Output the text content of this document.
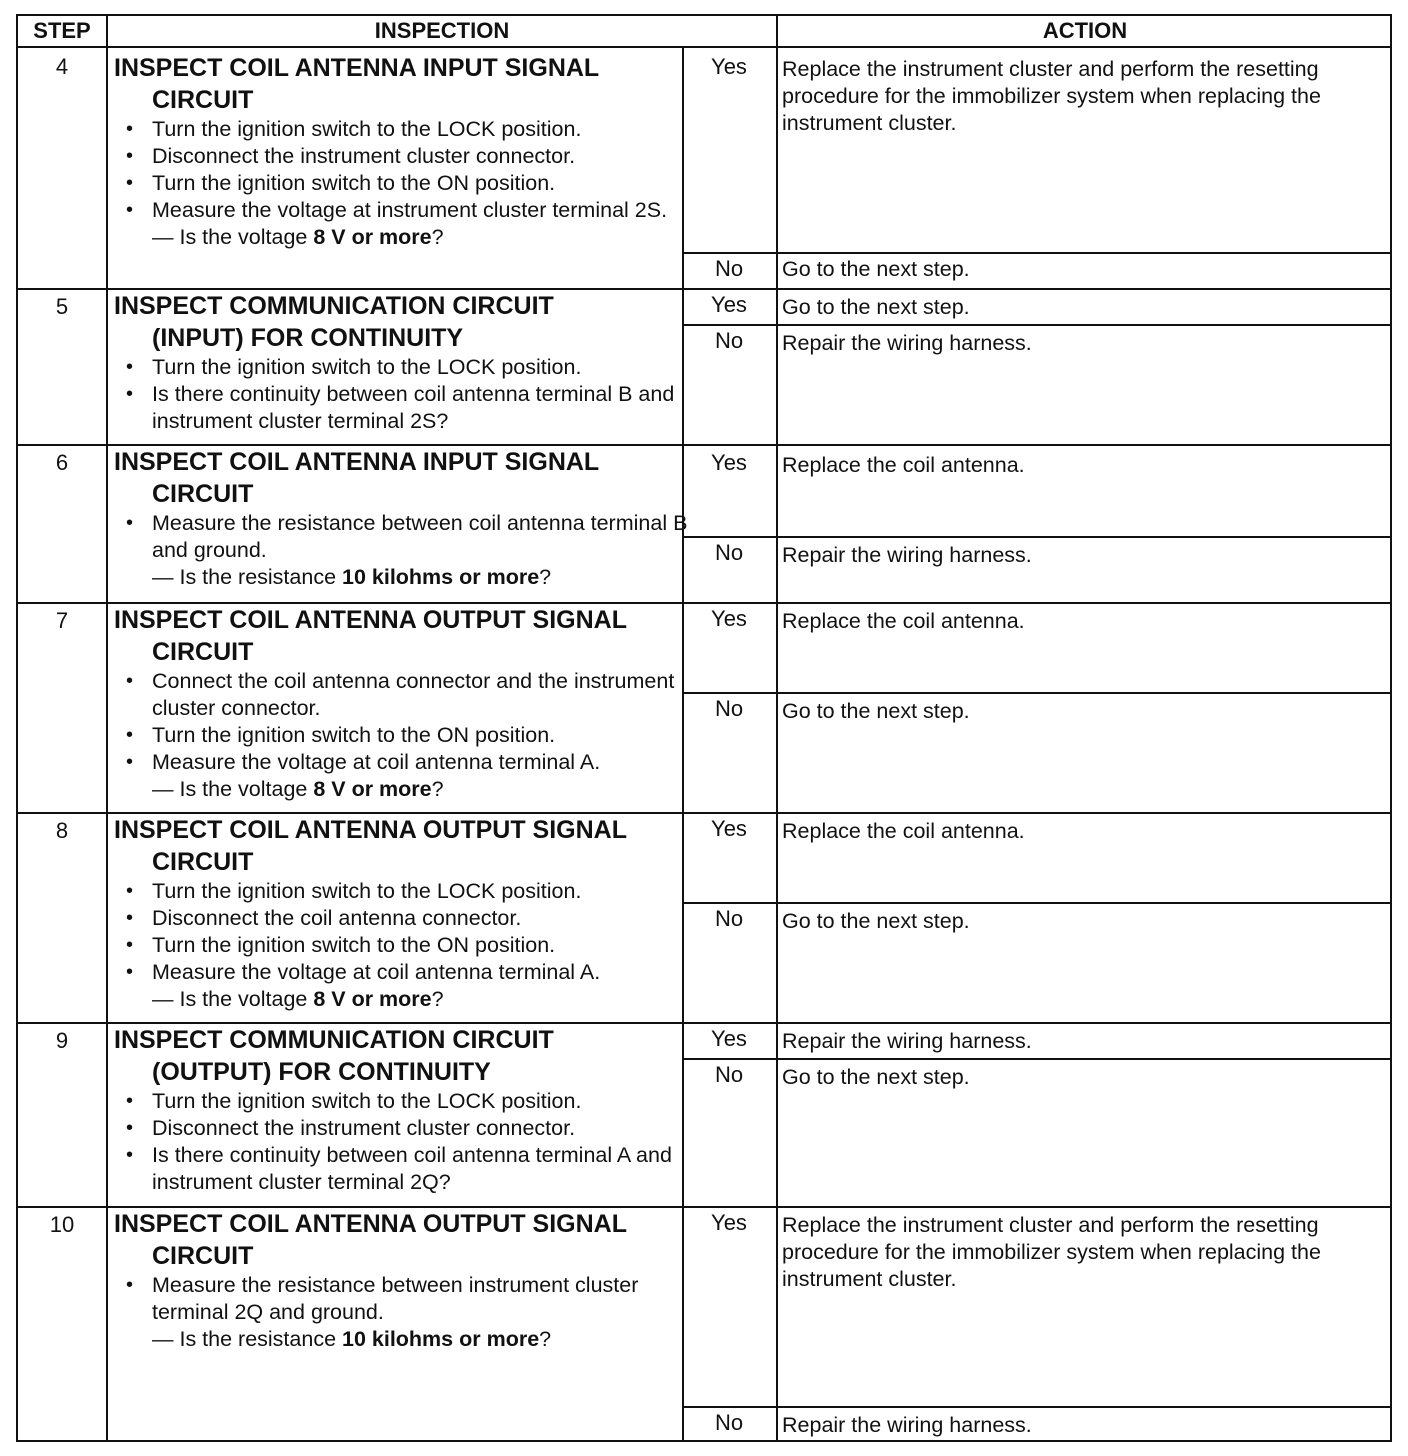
STEP	INSPECTION	ACTION
4	INSPECT COIL ANTENNA INPUT SIGNAL
CIRCUIT
• Turn the ignition switch to the LOCK position.
• Disconnect the instrument cluster connector.
• Turn the ignition switch to the ON position.
• Measure the voltage at instrument cluster terminal 2S.
— Is the voltage 8 V or more?
Yes	Replace the instrument cluster and perform the resetting procedure for the immobilizer system when replacing the instrument cluster.
No	Go to the next step.
5	INSPECT COMMUNICATION CIRCUIT
(INPUT) FOR CONTINUITY
• Turn the ignition switch to the LOCK position.
• Is there continuity between coil antenna terminal B and instrument cluster terminal 2S?
Yes	Go to the next step.
No	Repair the wiring harness.
6	INSPECT COIL ANTENNA INPUT SIGNAL
CIRCUIT
• Measure the resistance between coil antenna terminal B and ground.
— Is the resistance 10 kilohms or more?
Yes	Replace the coil antenna.
No	Repair the wiring harness.
7	INSPECT COIL ANTENNA OUTPUT SIGNAL
CIRCUIT
• Connect the coil antenna connector and the instrument cluster connector.
• Turn the ignition switch to the ON position.
• Measure the voltage at coil antenna terminal A.
— Is the voltage 8 V or more?
Yes	Replace the coil antenna.
No	Go to the next step.
8	INSPECT COIL ANTENNA OUTPUT SIGNAL
CIRCUIT
• Turn the ignition switch to the LOCK position.
• Disconnect the coil antenna connector.
• Turn the ignition switch to the ON position.
• Measure the voltage at coil antenna terminal A.
— Is the voltage 8 V or more?
Yes	Replace the coil antenna.
No	Go to the next step.
9	INSPECT COMMUNICATION CIRCUIT
(OUTPUT) FOR CONTINUITY
• Turn the ignition switch to the LOCK position.
• Disconnect the instrument cluster connector.
• Is there continuity between coil antenna terminal A and instrument cluster terminal 2Q?
Yes	Repair the wiring harness.
No	Go to the next step.
10	INSPECT COIL ANTENNA OUTPUT SIGNAL
CIRCUIT
• Measure the resistance between instrument cluster terminal 2Q and ground.
— Is the resistance 10 kilohms or more?
Yes	Replace the instrument cluster and perform the resetting procedure for the immobilizer system when replacing the instrument cluster.
No	Repair the wiring harness.
